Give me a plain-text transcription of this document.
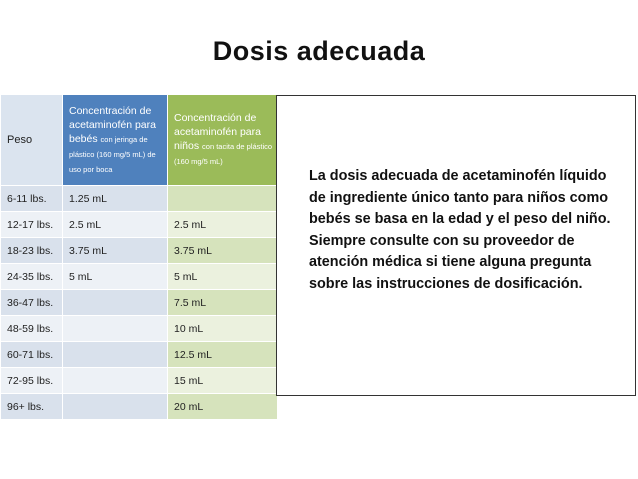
Dosis adecuada
Peso	Concentración de acetaminofén para bebés con jeringa de plástico (160 mg/5 mL) de uso por boca	Concentración de acetaminofén para niños con tacita de plástico (160 mg/5 mL)
6-11 lbs.	1.25 mL	
12-17 lbs.	2.5 mL	2.5 mL
18-23 lbs.	3.75 mL	3.75 mL
24-35 lbs.	5 mL	5 mL
36-47 lbs.		7.5 mL
48-59 lbs.		10 mL
60-71 lbs.		12.5 mL
72-95 lbs.		15 mL
96+ lbs.		20 mL
La dosis adecuada de acetaminofén líquido de ingrediente único tanto para niños como bebés se basa en la edad y el peso del niño. Siempre consulte con su proveedor de atención médica si tiene alguna pregunta sobre las instrucciones de dosificación.
